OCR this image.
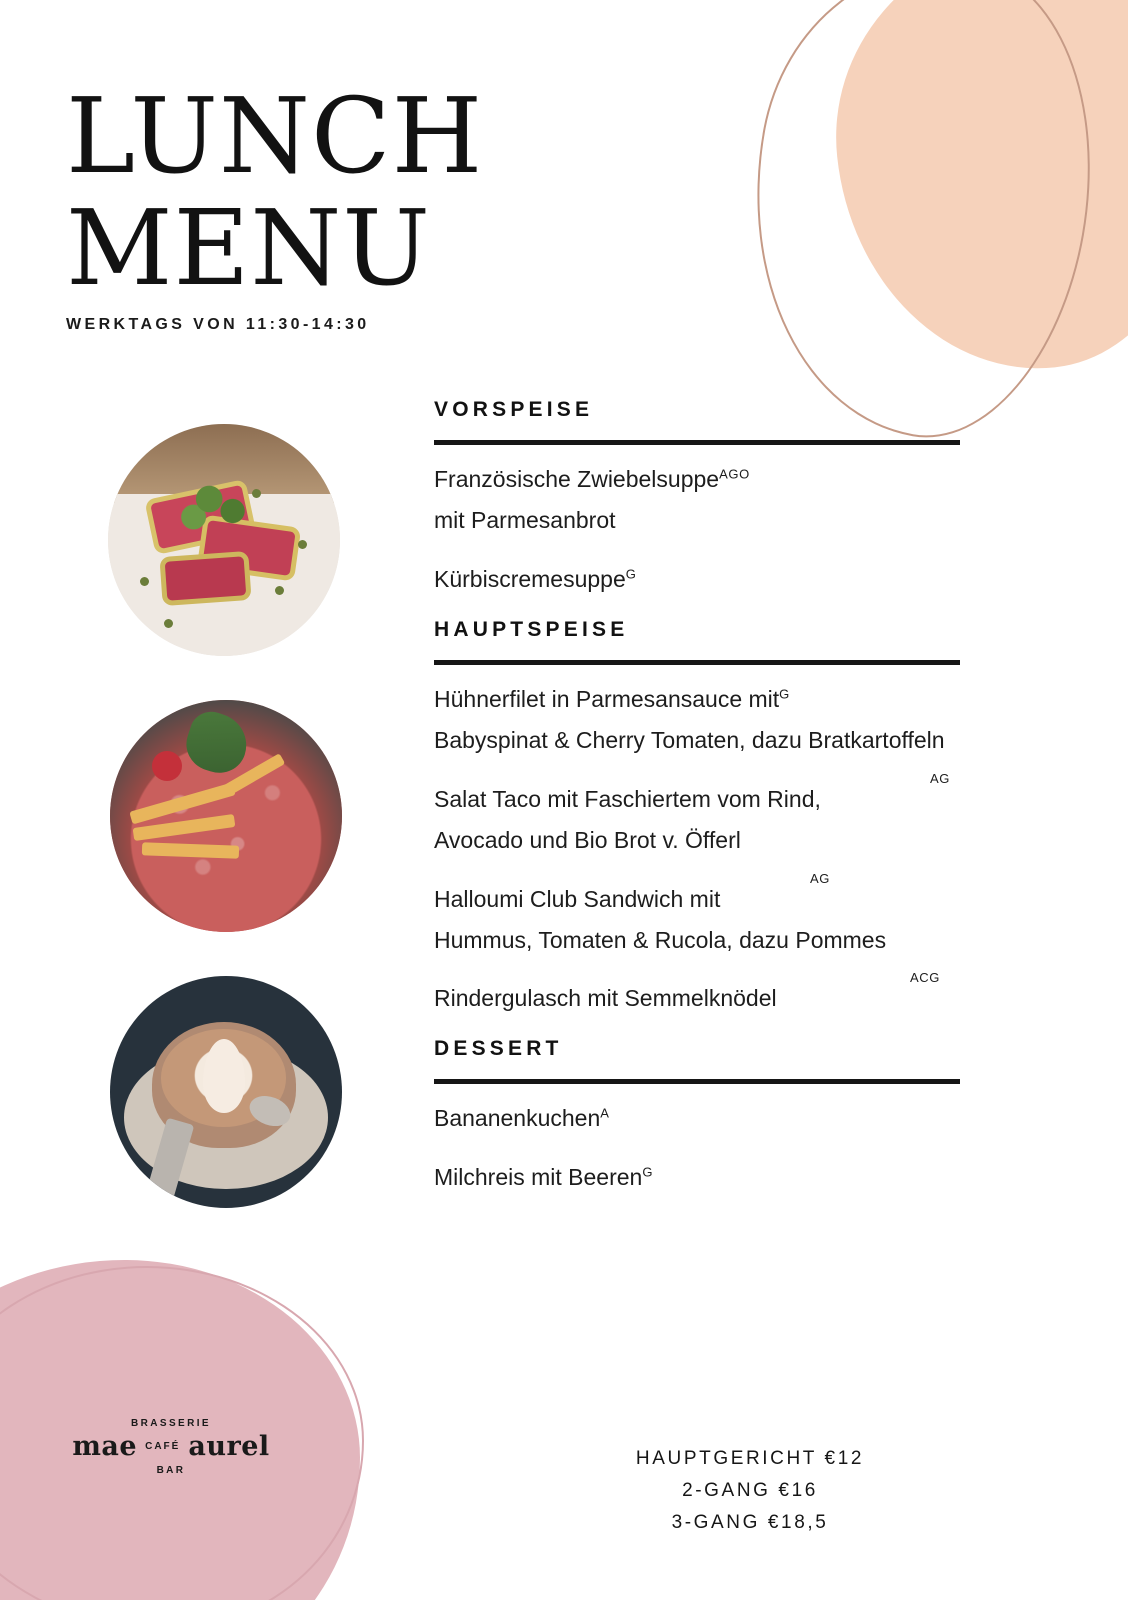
LUNCH
MENU
WERKTAGS VON 11:30-14:30
VORSPEISE

Französische Zwiebelsuppe$^{AGO}$
mit Parmesanbrot

Kürbiscremesuppe$^G$

HAUPTSPEISE

Hühnerfilet in Parmesansauce mit$^G$
Babyspinat & Cherry Tomaten, dazu Bratkartoffeln

AG
Salat Taco mit Faschiertem vom Rind,
Avocado und Bio Brot v. Öfferl

AG
Halloumi Club Sandwich mit
Hummus, Tomaten & Rucola, dazu Pommes

ACG
Rindergulasch mit Semmelknödel

DESSERT

Bananenkuchen$^A$

Milchreis mit Beeren$^G$

HAUPTGERICHT €12

2-GANG €16

3-GANG €18,5

BRASSERIE
mae CAFÉ aurel
BAR
